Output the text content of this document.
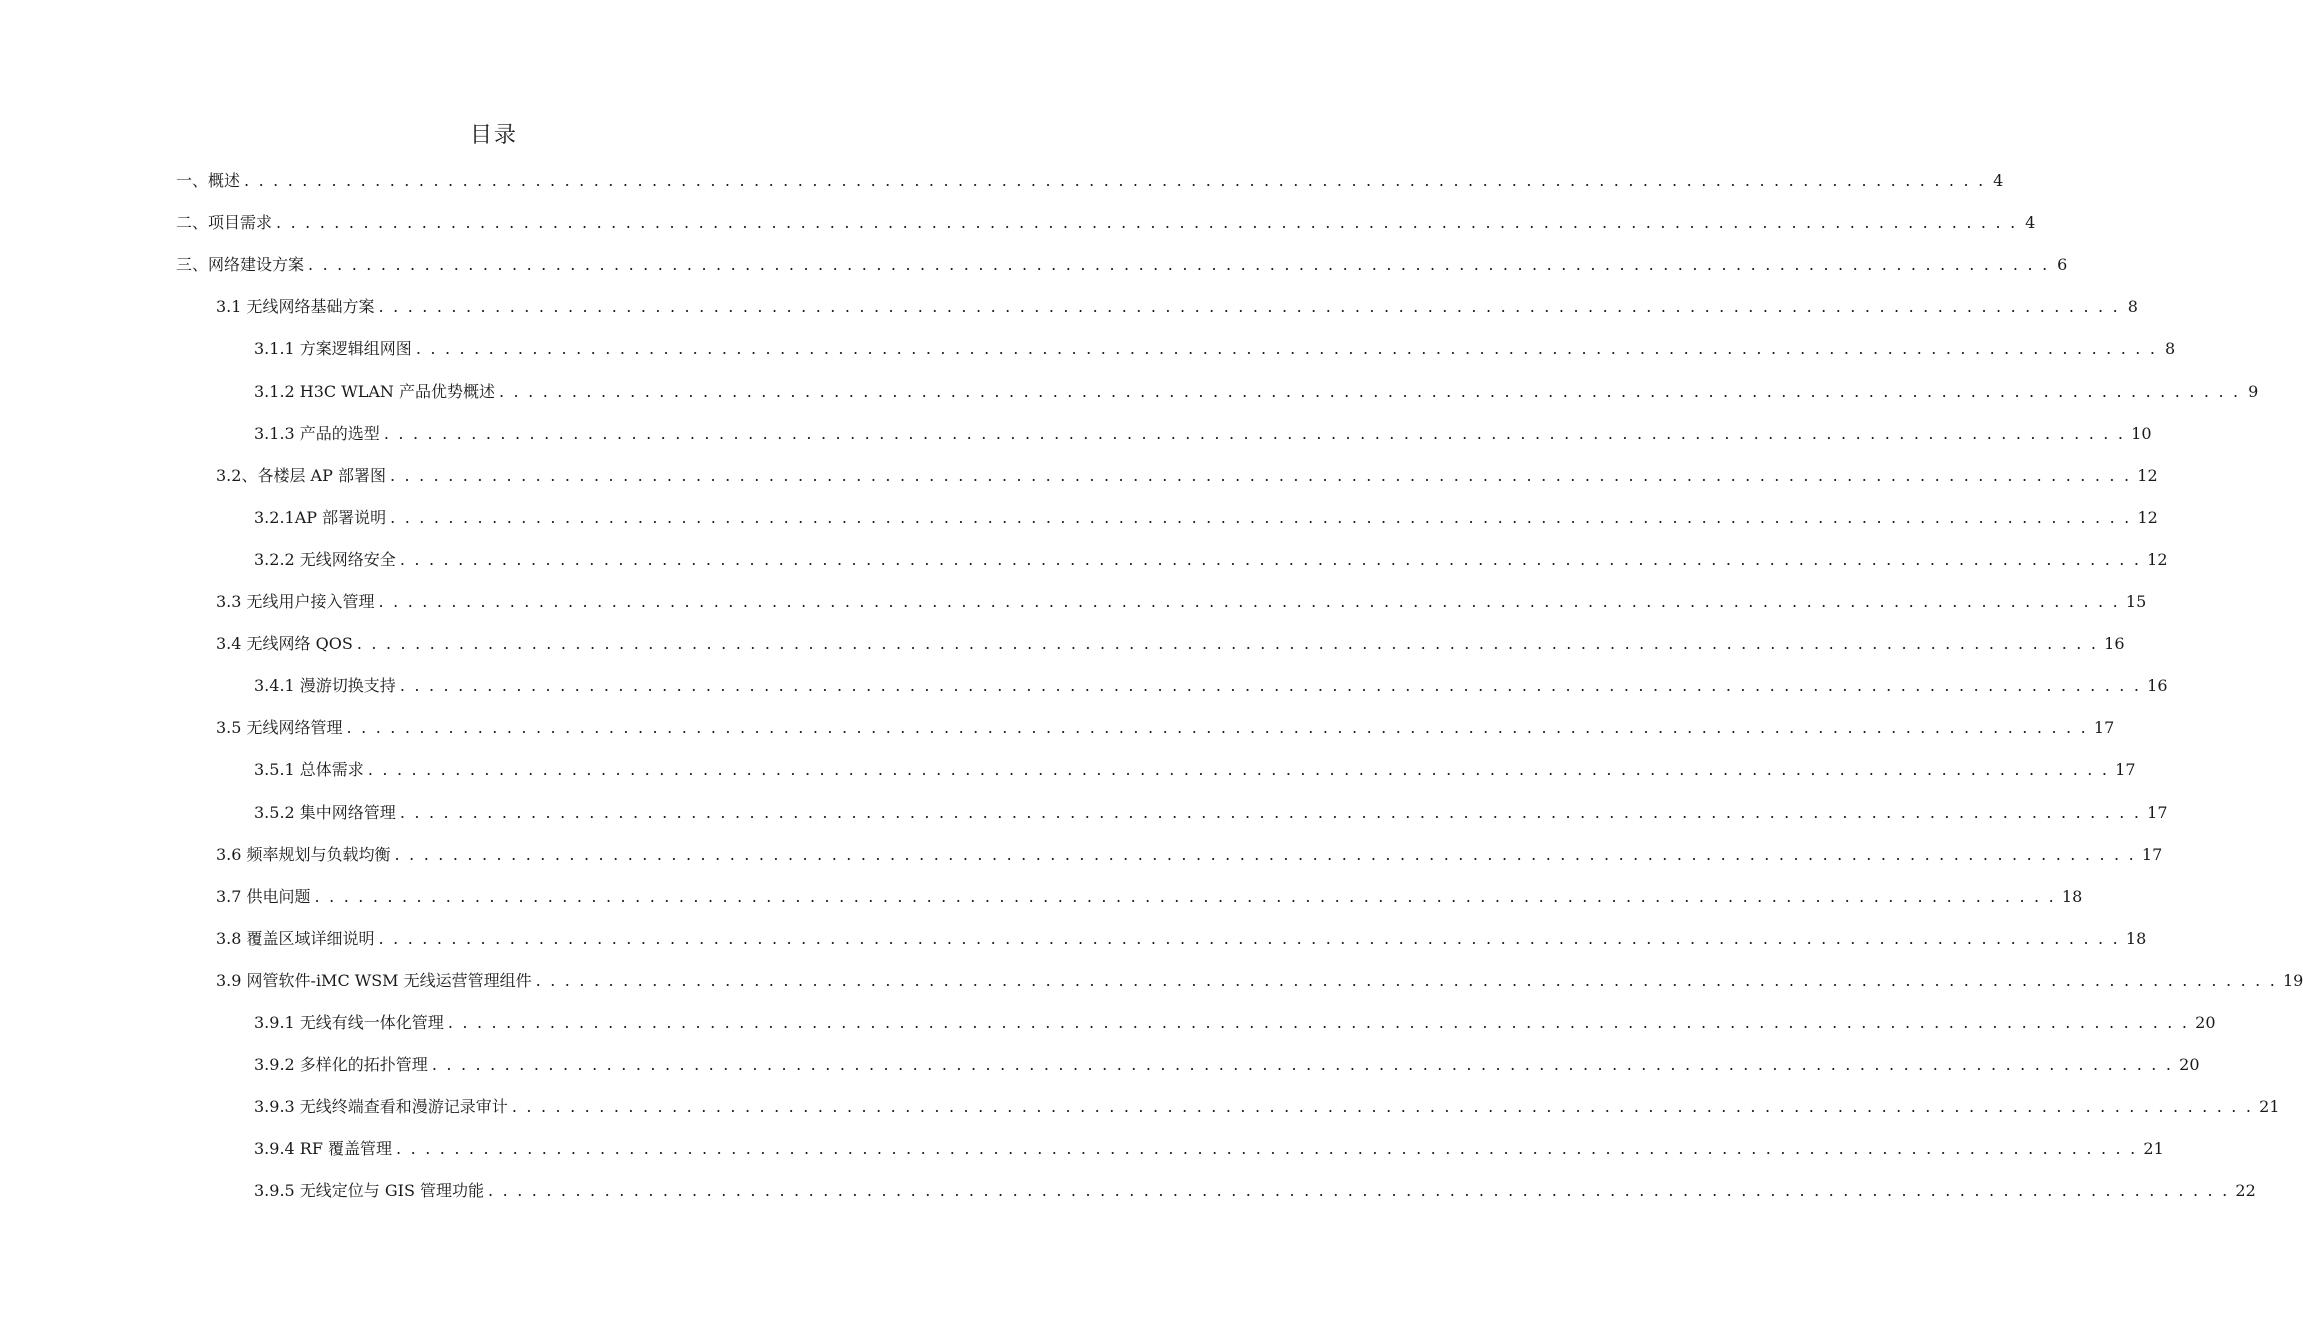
目录
一、概述 . . . . . . . . . . . . . . . . . . . . . . . . . . . . . . . . . . . . . . . . . . . . . . . . . . . . . . . . . . . . . . . . . . . . . . . . . . . . . . . . . . . . . . . . . . . . . . . . . . . . . . . . . . . . . . . . . . . . . . . . 4
二、项目需求 . . . . . . . . . . . . . . . . . . . . . . . . . . . . . . . . . . . . . . . . . . . . . . . . . . . . . . . . . . . . . . . . . . . . . . . . . . . . . . . . . . . . . . . . . . . . . . . . . . . . . . . . . . . . . . . . . . . . . . . . 4
三、网络建设方案 . . . . . . . . . . . . . . . . . . . . . . . . . . . . . . . . . . . . . . . . . . . . . . . . . . . . . . . . . . . . . . . . . . . . . . . . . . . . . . . . . . . . . . . . . . . . . . . . . . . . . . . . . . . . . . . . . . . . . . . . 6
3.1 无线网络基础方案 . . . . . . . . . . . . . . . . . . . . . . . . . . . . . . . . . . . . . . . . . . . . . . . . . . . . . . . . . . . . . . . . . . . . . . . . . . . . . . . . . . . . . . . . . . . . . . . . . . . . . . . . . . . . . . . . . . . . . . . . 8
3.1.1 方案逻辑组网图 . . . . . . . . . . . . . . . . . . . . . . . . . . . . . . . . . . . . . . . . . . . . . . . . . . . . . . . . . . . . . . . . . . . . . . . . . . . . . . . . . . . . . . . . . . . . . . . . . . . . . . . . . . . . . . . . . . . . . . . . 8
3.1.2 H3C WLAN 产品优势概述 . . . . . . . . . . . . . . . . . . . . . . . . . . . . . . . . . . . . . . . . . . . . . . . . . . . . . . . . . . . . . . . . . . . . . . . . . . . . . . . . . . . . . . . . . . . . . . . . . . . . . . . . . . . . . . . . . . . . . . . . 9
3.1.3 产品的选型 . . . . . . . . . . . . . . . . . . . . . . . . . . . . . . . . . . . . . . . . . . . . . . . . . . . . . . . . . . . . . . . . . . . . . . . . . . . . . . . . . . . . . . . . . . . . . . . . . . . . . . . . . . . . . . . . . . . . . . . . 10
3.2、各楼层 AP 部署图 . . . . . . . . . . . . . . . . . . . . . . . . . . . . . . . . . . . . . . . . . . . . . . . . . . . . . . . . . . . . . . . . . . . . . . . . . . . . . . . . . . . . . . . . . . . . . . . . . . . . . . . . . . . . . . . . . . . . . . . . 12
3.2.1AP 部署说明 . . . . . . . . . . . . . . . . . . . . . . . . . . . . . . . . . . . . . . . . . . . . . . . . . . . . . . . . . . . . . . . . . . . . . . . . . . . . . . . . . . . . . . . . . . . . . . . . . . . . . . . . . . . . . . . . . . . . . . . . 12
3.2.2 无线网络安全 . . . . . . . . . . . . . . . . . . . . . . . . . . . . . . . . . . . . . . . . . . . . . . . . . . . . . . . . . . . . . . . . . . . . . . . . . . . . . . . . . . . . . . . . . . . . . . . . . . . . . . . . . . . . . . . . . . . . . . . . 12
3.3 无线用户接入管理 . . . . . . . . . . . . . . . . . . . . . . . . . . . . . . . . . . . . . . . . . . . . . . . . . . . . . . . . . . . . . . . . . . . . . . . . . . . . . . . . . . . . . . . . . . . . . . . . . . . . . . . . . . . . . . . . . . . . . . . . 15
3.4 无线网络 QOS . . . . . . . . . . . . . . . . . . . . . . . . . . . . . . . . . . . . . . . . . . . . . . . . . . . . . . . . . . . . . . . . . . . . . . . . . . . . . . . . . . . . . . . . . . . . . . . . . . . . . . . . . . . . . . . . . . . . . . . . 16
3.4.1 漫游切换支持 . . . . . . . . . . . . . . . . . . . . . . . . . . . . . . . . . . . . . . . . . . . . . . . . . . . . . . . . . . . . . . . . . . . . . . . . . . . . . . . . . . . . . . . . . . . . . . . . . . . . . . . . . . . . . . . . . . . . . . . . 16
3.5 无线网络管理 . . . . . . . . . . . . . . . . . . . . . . . . . . . . . . . . . . . . . . . . . . . . . . . . . . . . . . . . . . . . . . . . . . . . . . . . . . . . . . . . . . . . . . . . . . . . . . . . . . . . . . . . . . . . . . . . . . . . . . . . 17
3.5.1 总体需求 . . . . . . . . . . . . . . . . . . . . . . . . . . . . . . . . . . . . . . . . . . . . . . . . . . . . . . . . . . . . . . . . . . . . . . . . . . . . . . . . . . . . . . . . . . . . . . . . . . . . . . . . . . . . . . . . . . . . . . . . 17
3.5.2 集中网络管理 . . . . . . . . . . . . . . . . . . . . . . . . . . . . . . . . . . . . . . . . . . . . . . . . . . . . . . . . . . . . . . . . . . . . . . . . . . . . . . . . . . . . . . . . . . . . . . . . . . . . . . . . . . . . . . . . . . . . . . . . 17
3.6 频率规划与负载均衡 . . . . . . . . . . . . . . . . . . . . . . . . . . . . . . . . . . . . . . . . . . . . . . . . . . . . . . . . . . . . . . . . . . . . . . . . . . . . . . . . . . . . . . . . . . . . . . . . . . . . . . . . . . . . . . . . . . . . . . . . 17
3.7 供电问题 . . . . . . . . . . . . . . . . . . . . . . . . . . . . . . . . . . . . . . . . . . . . . . . . . . . . . . . . . . . . . . . . . . . . . . . . . . . . . . . . . . . . . . . . . . . . . . . . . . . . . . . . . . . . . . . . . . . . . . . . 18
3.8 覆盖区域详细说明 . . . . . . . . . . . . . . . . . . . . . . . . . . . . . . . . . . . . . . . . . . . . . . . . . . . . . . . . . . . . . . . . . . . . . . . . . . . . . . . . . . . . . . . . . . . . . . . . . . . . . . . . . . . . . . . . . . . . . . . . 18
3.9 网管软件-iMC WSM 无线运营管理组件 . . . . . . . . . . . . . . . . . . . . . . . . . . . . . . . . . . . . . . . . . . . . . . . . . . . . . . . . . . . . . . . . . . . . . . . . . . . . . . . . . . . . . . . . . . . . . . . . . . . . . . . . . . . . . . . . . . . . . . . . 19
3.9.1 无线有线一体化管理 . . . . . . . . . . . . . . . . . . . . . . . . . . . . . . . . . . . . . . . . . . . . . . . . . . . . . . . . . . . . . . . . . . . . . . . . . . . . . . . . . . . . . . . . . . . . . . . . . . . . . . . . . . . . . . . . . . . . . . . . 20
3.9.2 多样化的拓扑管理 . . . . . . . . . . . . . . . . . . . . . . . . . . . . . . . . . . . . . . . . . . . . . . . . . . . . . . . . . . . . . . . . . . . . . . . . . . . . . . . . . . . . . . . . . . . . . . . . . . . . . . . . . . . . . . . . . . . . . . . . 20
3.9.3 无线终端查看和漫游记录审计 . . . . . . . . . . . . . . . . . . . . . . . . . . . . . . . . . . . . . . . . . . . . . . . . . . . . . . . . . . . . . . . . . . . . . . . . . . . . . . . . . . . . . . . . . . . . . . . . . . . . . . . . . . . . . . . . . . . . . . . . 21
3.9.4 RF 覆盖管理 . . . . . . . . . . . . . . . . . . . . . . . . . . . . . . . . . . . . . . . . . . . . . . . . . . . . . . . . . . . . . . . . . . . . . . . . . . . . . . . . . . . . . . . . . . . . . . . . . . . . . . . . . . . . . . . . . . . . . . . . 21
3.9.5 无线定位与 GIS 管理功能 . . . . . . . . . . . . . . . . . . . . . . . . . . . . . . . . . . . . . . . . . . . . . . . . . . . . . . . . . . . . . . . . . . . . . . . . . . . . . . . . . . . . . . . . . . . . . . . . . . . . . . . . . . . . . . . . . . . . . . . . 22
